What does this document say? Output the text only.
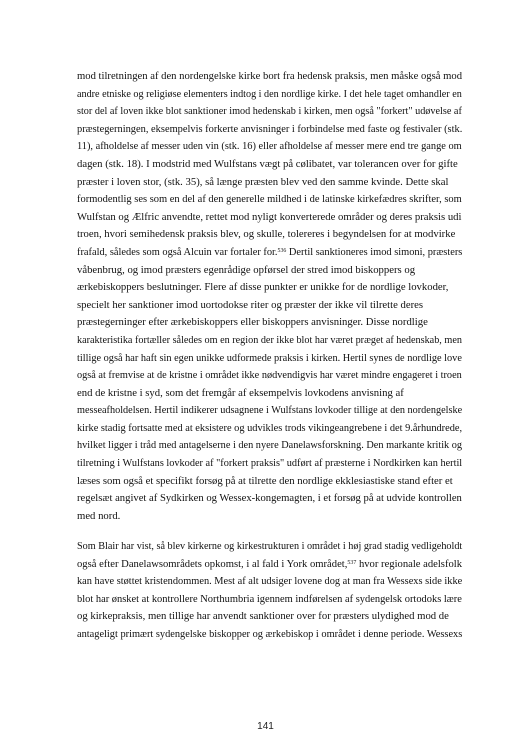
mod tilretningen af den nordengelske kirke bort fra hedensk praksis, men måske også mod
andre etniske og religiøse elementers indtog i den nordlige kirke. I det hele taget omhandler en
stor del af loven ikke blot sanktioner imod hedenskab i kirken, men også "forkert" udøvelse af
præstegerningen, eksempelvis forkerte anvisninger i forbindelse med faste og festivaler (stk.
11), afholdelse af messer uden vin (stk. 16) eller afholdelse af messer mere end tre gange om
dagen (stk. 18). I modstrid med Wulfstans vægt på cølibatet, var tolerancen over for gifte
præster i loven stor, (stk. 35), så længe præsten blev ved den samme kvinde. Dette skal
formodentlig ses som en del af den generelle mildhed i de latinske kirkefædres skrifter, som
Wulfstan og Ælfric anvendte, rettet mod nyligt konverterede områder og deres praksis udi
troen, hvori semihedensk praksis blev, og skulle, tolereres i begyndelsen for at modvirke
frafald, således som også Alcuin var fortaler for.$^{536}$ Dertil sanktioneres imod simoni, præsters
våbenbrug, og imod præsters egenrådige opførsel der stred imod biskoppers og
ærkebiskoppers beslutninger. Flere af disse punkter er unikke for de nordlige lovkoder,
specielt her sanktioner imod uortodokse riter og præster der ikke vil tilrette deres
præstegerninger efter ærkebiskoppers eller biskoppers anvisninger. Disse nordlige
karakteristika fortæller således om en region der ikke blot har været præget af hedenskab, men
tillige også har haft sin egen unikke udformede praksis i kirken. Hertil synes de nordlige love
også at fremvise at de kristne i området ikke nødvendigvis har været mindre engageret i troen
end de kristne i syd, som det fremgår af eksempelvis lovkodens anvisning af
messeafholdelsen. Hertil indikerer udsagnene i Wulfstans lovkoder tillige at den nordengelske
kirke stadig fortsatte med at eksistere og udvikles trods vikingeangrebene i det 9.århundrede,
hvilket ligger i tråd med antagelserne i den nyere Danelawsforskning. Den markante kritik og
tilretning i Wulfstans lovkoder af "forkert praksis" udført af præsterne i Nordkirken kan hertil
læses som også et specifikt forsøg på at tilrette den nordlige ekklesiastiske stand efter et
regelsæt angivet af Sydkirken og Wessex-kongemagten, i et forsøg på at udvide kontrollen
med nord.
Som Blair har vist, så blev kirkerne og kirkestrukturen i området i høj grad stadig vedligeholdt
også efter Danelawsområdets opkomst, i al fald i York området,$^{537}$ hvor regionale adelsfolk
kan have støttet kristendommen. Mest af alt udsiger lovene dog at man fra Wessexs side ikke
blot har ønsket at kontrollere Northumbria igennem indførelsen af sydengelsk ortodoks lære
og kirkepraksis, men tillige har anvendt sanktioner over for præsters ulydighed mod de
antageligt primært sydengelske biskopper og ærkebiskop i området i denne periode. Wessexs
141
